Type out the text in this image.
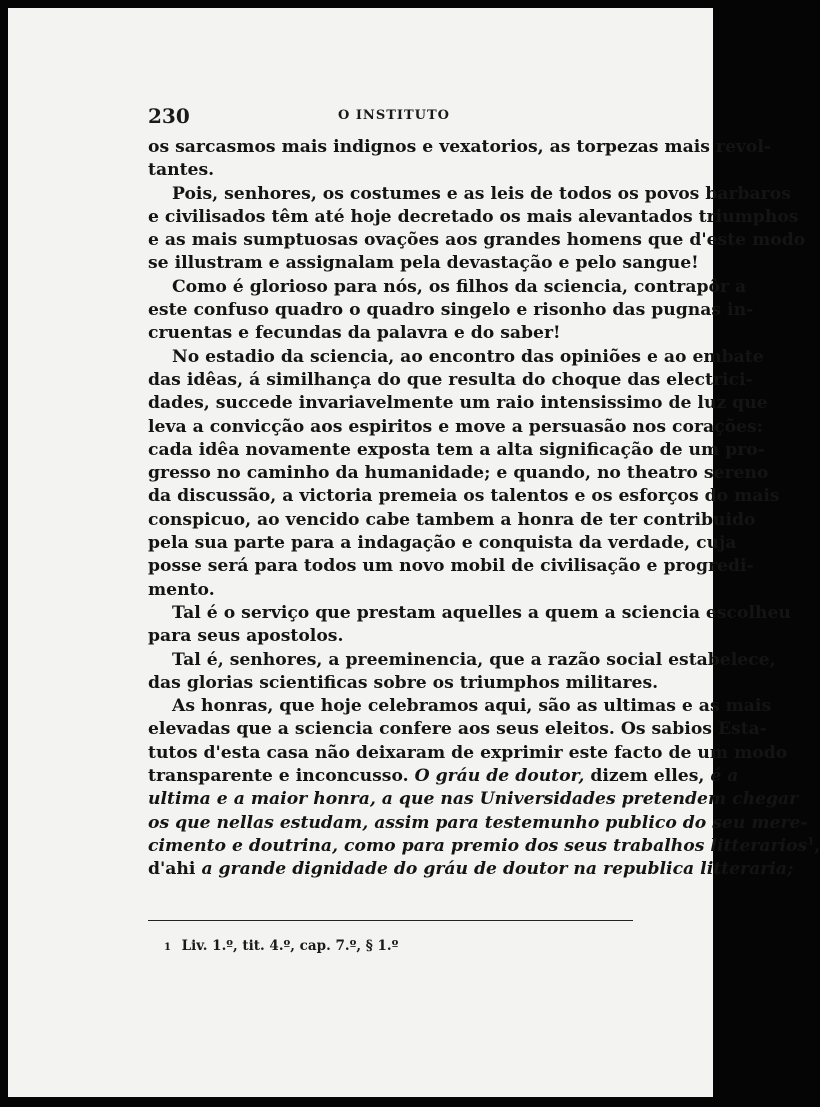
230	O INSTITUTO

os sarcasmos mais indignos e vexatorios, as torpezas mais revol-
tantes.

Pois, senhores, os costumes e as leis de todos os povos barbaros
e civilisados têm até hoje decretado os mais alevantados triumphos
e as mais sumptuosas ovações aos grandes homens que d'este modo
se illustram e assignalam pela devastação e pelo sangue!

Como é glorioso para nós, os filhos da sciencia, contrapôr a
este confuso quadro o quadro singelo e risonho das pugnas in-
cruentas e fecundas da palavra e do saber!

No estadio da sciencia, ao encontro das opiniões e ao embate
das idêas, á similhança do que resulta do choque das electrici-
dades, succede invariavelmente um raio intensissimo de luz que
leva a convicção aos espiritos e move a persuasão nos corações:
cada idêa novamente exposta tem a alta significação de um pro-
gresso no caminho da humanidade; e quando, no theatro sereno
da discussão, a victoria premeia os talentos e os esforços do mais
conspicuo, ao vencido cabe tambem a honra de ter contribuido
pela sua parte para a indagação e conquista da verdade, cuja
posse será para todos um novo mobil de civilisação e progredi-
mento.

Tal é o serviço que prestam aquelles a quem a sciencia escolheu
para seus apostolos.

Tal é, senhores, a preeminencia, que a razão social estabelece,
das glorias scientificas sobre os triumphos militares.

As honras, que hoje celebramos aqui, são as ultimas e as mais
elevadas que a sciencia confere aos seus eleitos. Os sabios Esta-
tutos d'esta casa não deixaram de exprimir este facto de um modo
transparente e inconcusso. O gráu de doutor, dizem elles, é a
ultima e a maior honra, a que nas Universidades pretendem chegar
os que nellas estudam, assim para testemunho publico do seu mere-
cimento e doutrina, como para premio dos seus trabalhos litterarios$^1$,
d'ahi a grande dignidade do gráu de doutor na republica litteraria;

1 Liv. 1.º, tit. 4.º, cap. 7.º, § 1.º
